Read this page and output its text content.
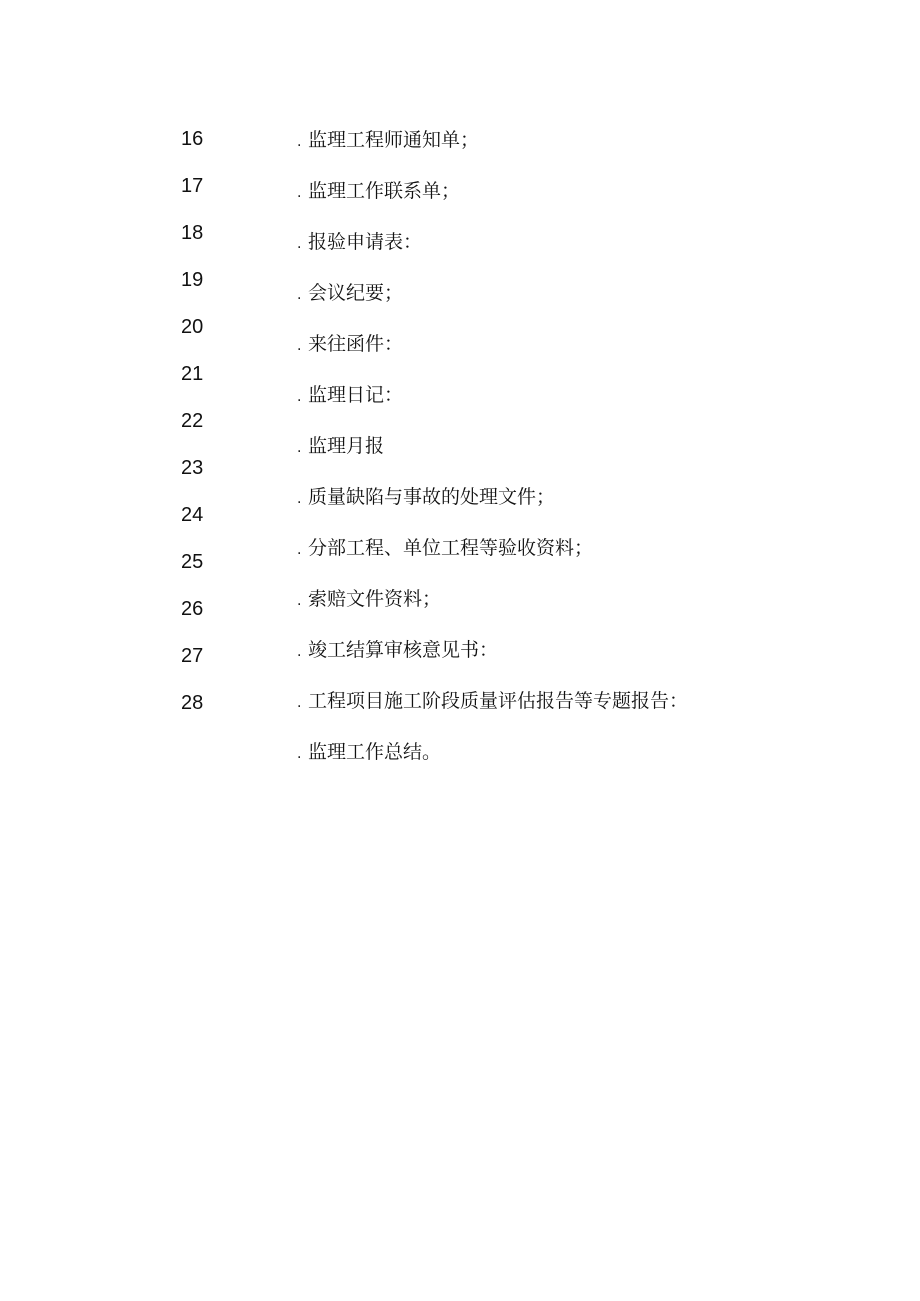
16
17
18
19
20
21
22
23
24
25
26
27
28
. 监理工程师通知单；
. 监理工作联系单；
. 报验申请表：
. 会议纪要；
. 来往函件：
. 监理日记：
. 监理月报
. 质量缺陷与事故的处理文件；
. 分部工程、单位工程等验收资料；
. 索赔文件资料；
. 竣工结算审核意见书：
. 工程项目施工阶段质量评估报告等专题报告：
. 监理工作总结。
